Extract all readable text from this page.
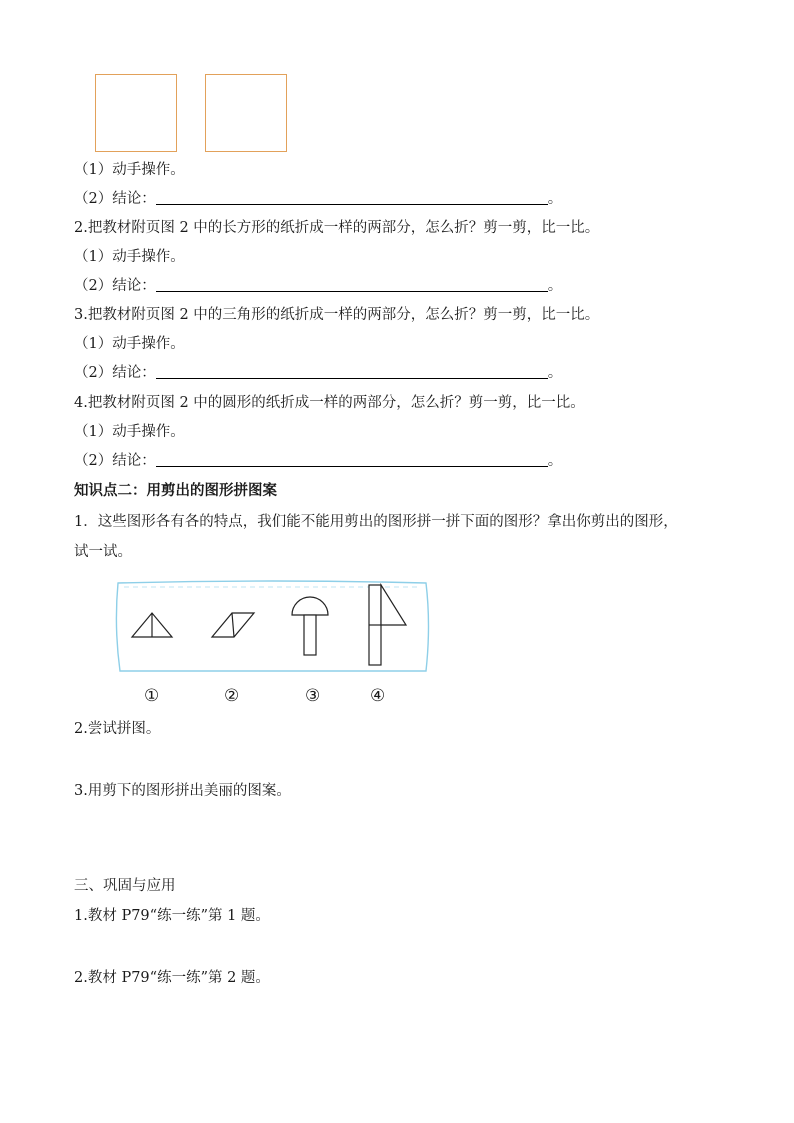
（1）动手操作。
（2）结论：	。
2.把教材附页图 2 中的长方形的纸折成一样的两部分，怎么折？剪一剪，比一比。
（1）动手操作。
（2）结论：	。
3.把教材附页图 2 中的三角形的纸折成一样的两部分，怎么折？剪一剪，比一比。
（1）动手操作。
（2）结论：	。
4.把教材附页图 2 中的圆形的纸折成一样的两部分，怎么折？剪一剪，比一比。
（1）动手操作。
（2）结论：	。
知识点二：用剪出的图形拼图案
1．这些图形各有各的特点，我们能不能用剪出的图形拼一拼下面的图形？拿出你剪出的图形，
试一试。
①	②	③	④
2.尝试拼图。
3.用剪下的图形拼出美丽的图案。
三、巩固与应用
1.教材 P79“练一练”第 1 题。
2.教材 P79“练一练”第 2 题。
